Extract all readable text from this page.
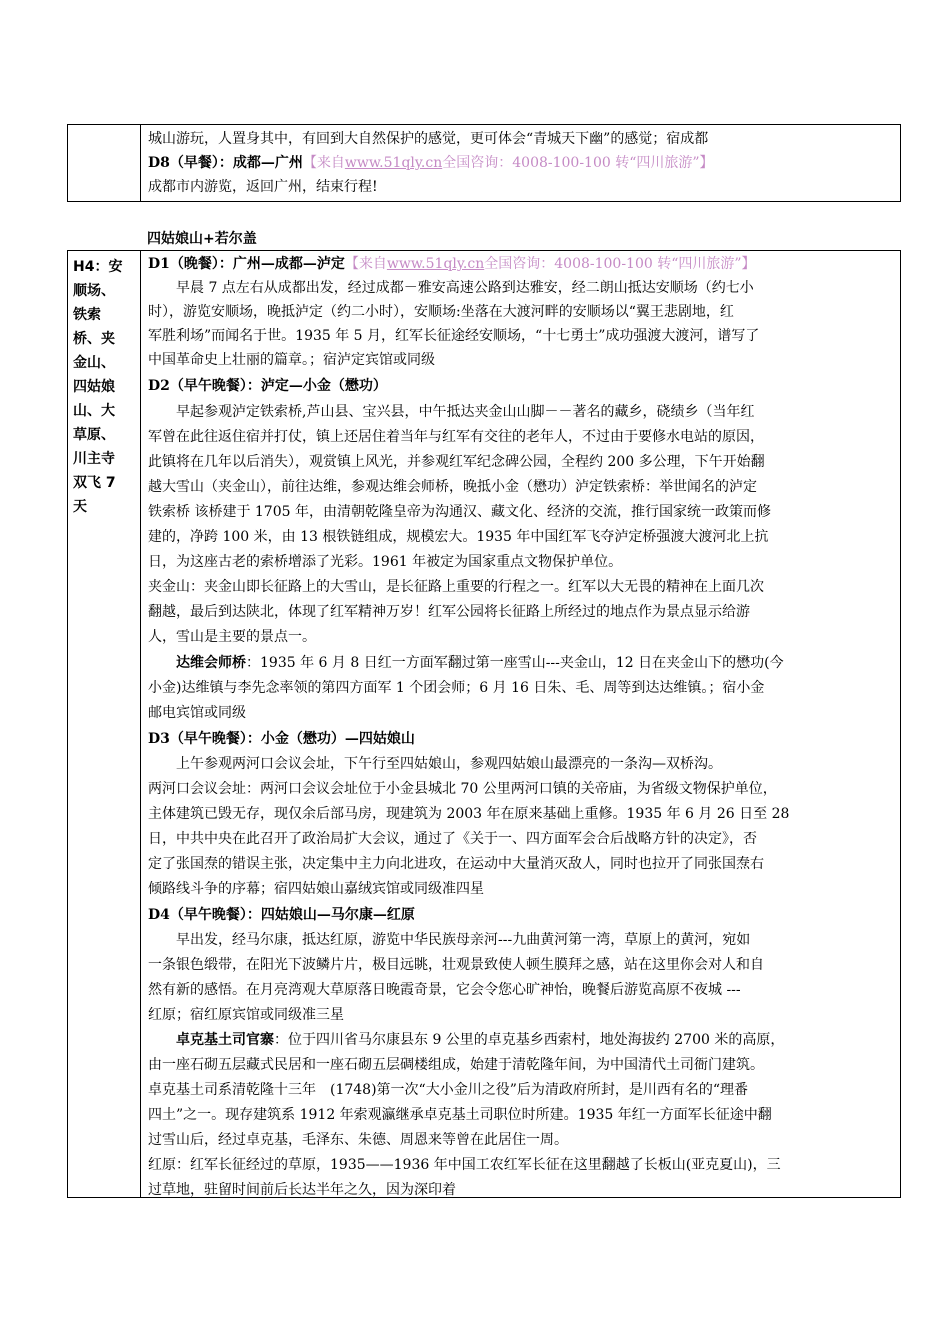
城山游玩，人置身其中，有回到大自然保护的感觉，更可体会“青城天下幽”的感觉；宿成都
D8（早餐）：成都—广州【来自www.51qly.cn全国咨询：4008-100-100 转“四川旅游”】
成都市内游览，返回广州，结束行程!
四姑娘山+若尔盖

H4：安
顺场、
铁索
桥、夹
金山、
四姑娘
山、大
草原、
川主寺
双飞 7
天
D1（晚餐）：广州—成都—泸定【来自www.51qly.cn全国咨询：4008-100-100 转“四川旅游”】
早晨 7 点左右从成都出发，经过成都－雅安高速公路到达雅安，经二朗山抵达安顺场（约七小
时），游览安顺场，晚抵泸定（约二小时），安顺场:坐落在大渡河畔的安顺场以“翼王悲剧地，红
军胜利场”而闻名于世。1935 年 5 月，红军长征途经安顺场，“十七勇士”成功强渡大渡河，谱写了
中国革命史上壮丽的篇章。；宿泸定宾馆或同级
D2（早午晚餐）：泸定—小金（懋功）
早起参观泸定铁索桥,芦山县、宝兴县，中午抵达夹金山山脚－－著名的藏乡，硗绩乡（当年红
军曾在此往返住宿并打仗，镇上还居住着当年与红军有交往的老年人，不过由于要修水电站的原因，
此镇将在几年以后消失），观赏镇上风光，并参观红军纪念碑公园，全程约 200 多公理，下午开始翻
越大雪山（夹金山），前往达维，参观达维会师桥，晚抵小金（懋功）泸定铁索桥：举世闻名的泸定
铁索桥 该桥建于 1705 年，由清朝乾隆皇帝为沟通汉、藏文化、经济的交流，推行国家统一政策而修
建的，净跨 100 米，由 13 根铁链组成，规模宏大。1935 年中国红军飞夺泸定桥强渡大渡河北上抗
日，为这座古老的索桥增添了光彩。1961 年被定为国家重点文物保护单位。
夹金山：夹金山即长征路上的大雪山，是长征路上重要的行程之一。红军以大无畏的精神在上面几次
翻越，最后到达陕北，体现了红军精神万岁！红军公园将长征路上所经过的地点作为景点显示给游
人，雪山是主要的景点一。
达维会师桥：1935 年 6 月 8 日红一方面军翻过第一座雪山---夹金山，12 日在夹金山下的懋功(今
小金)达维镇与李先念率领的第四方面军 1 个团会师；6 月 16 日朱、毛、周等到达达维镇。；宿小金
邮电宾馆或同级
D3（早午晚餐）：小金（懋功）—四姑娘山
上午参观两河口会议会址，下午行至四姑娘山，参观四姑娘山最漂亮的一条沟—双桥沟。
两河口会议会址：两河口会议会址位于小金县城北 70 公里两河口镇的关帝庙，为省级文物保护单位，
主体建筑已毁无存，现仅余后部马房，现建筑为 2003 年在原来基础上重修。1935 年 6 月 26 日至 28
日，中共中央在此召开了政治局扩大会议，通过了《关于一、四方面军会合后战略方针的决定》，否
定了张国焘的错误主张，决定集中主力向北进攻，在运动中大量消灭敌人，同时也拉开了同张国焘右
倾路线斗争的序幕；宿四姑娘山嘉绒宾馆或同级准四星
D4（早午晚餐）：四姑娘山—马尔康—红原
早出发，经马尔康，抵达红原，游览中华民族母亲河---九曲黄河第一湾，草原上的黄河，宛如
一条银色缎带，在阳光下波鳞片片，极目远眺，壮观景致使人顿生膜拜之感，站在这里你会对人和自
然有新的感悟。在月亮湾观大草原落日晚霞奇景，它会令您心旷神怡，晚餐后游览高原不夜城 ---
红原；宿红原宾馆或同级准三星
卓克基土司官寨：位于四川省马尔康县东 9 公里的卓克基乡西索村，地处海拔约 2700 米的高原，
由一座石砌五层藏式民居和一座石砌五层碉楼组成，始建于清乾隆年间，为中国清代土司衙门建筑。
卓克基土司系清乾隆十三年　(1748)第一次“大小金川之役”后为清政府所封，是川西有名的“理番
四土”之一。现存建筑系 1912 年索观瀛继承卓克基土司职位时所建。1935 年红一方面军长征途中翻
过雪山后，经过卓克基，毛泽东、朱德、周恩来等曾在此居住一周。
红原：红军长征经过的草原，1935——1936 年中国工农红军长征在这里翻越了长板山(亚克夏山)，三
过草地，驻留时间前后长达半年之久，因为深印着
